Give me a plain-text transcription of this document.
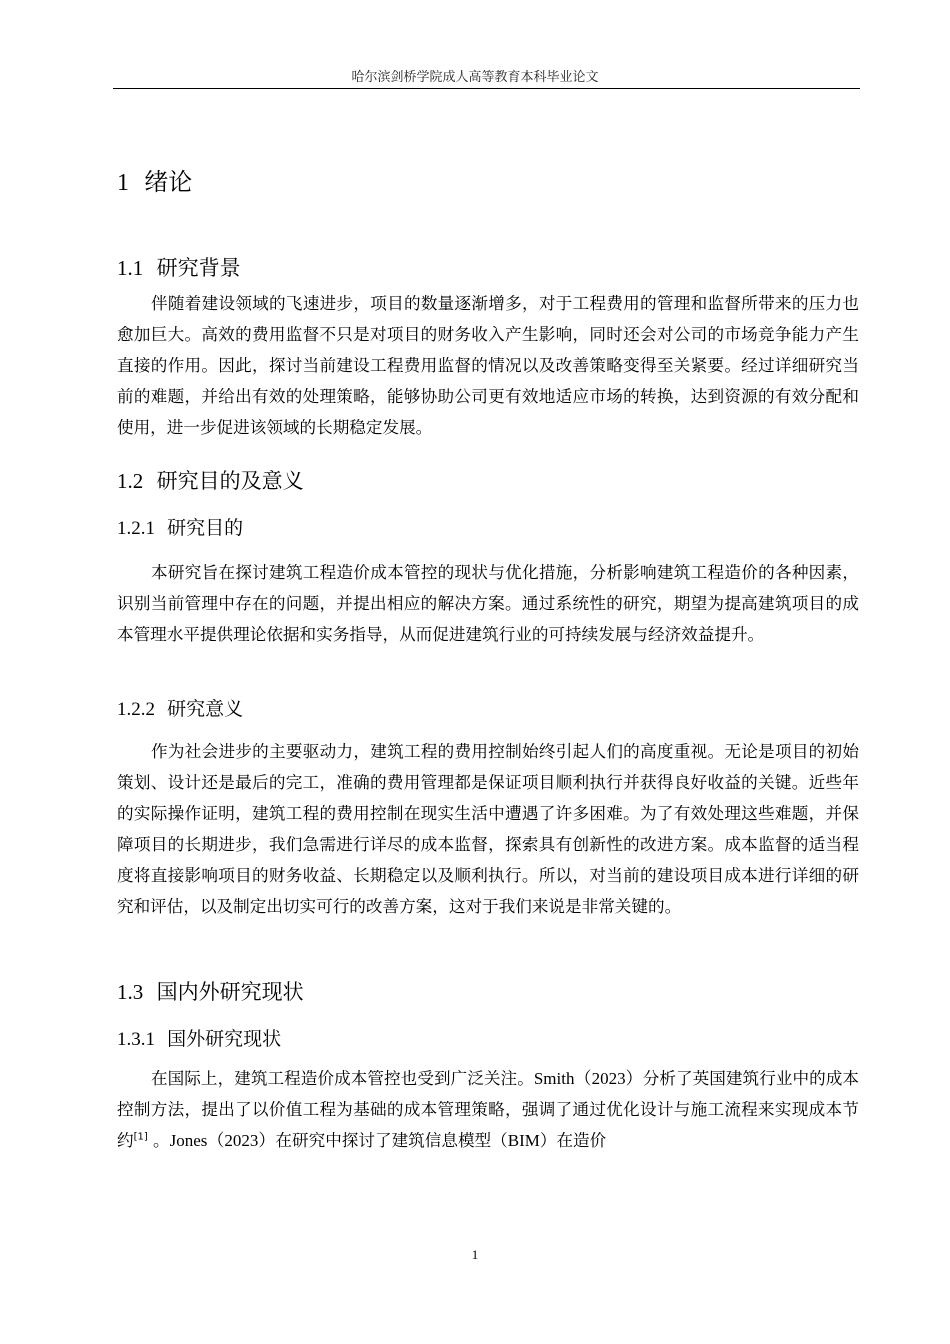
哈尔滨剑桥学院成人高等教育本科毕业论文
1 绪论
1.1 研究背景

伴随着建设领域的飞速进步，项目的数量逐渐增多，对于工程费用的管理和监督所带来的压力也愈加巨大。高效的费用监督不只是对项目的财务收入产生影响，同时还会对公司的市场竞争能力产生直接的作用。因此，探讨当前建设工程费用监督的情况以及改善策略变得至关紧要。经过详细研究当前的难题，并给出有效的处理策略，能够协助公司更有效地适应市场的转换，达到资源的有效分配和使用，进一步促进该领域的长期稳定发展。

1.2 研究目的及意义
1.2.1 研究目的

本研究旨在探讨建筑工程造价成本管控的现状与优化措施，分析影响建筑工程造价的各种因素，识别当前管理中存在的问题，并提出相应的解决方案。通过系统性的研究，期望为提高建筑项目的成本管理水平提供理论依据和实务指导，从而促进建筑行业的可持续发展与经济效益提升。

1.2.2 研究意义

作为社会进步的主要驱动力，建筑工程的费用控制始终引起人们的高度重视。无论是项目的初始策划、设计还是最后的完工，准确的费用管理都是保证项目顺利执行并获得良好收益的关键。近些年的实际操作证明，建筑工程的费用控制在现实生活中遭遇了许多困难。为了有效处理这些难题，并保障项目的长期进步，我们急需进行详尽的成本监督，探索具有创新性的改进方案。成本监督的适当程度将直接影响项目的财务收益、长期稳定以及顺利执行。所以，对当前的建设项目成本进行详细的研究和评估，以及制定出切实可行的改善方案，这对于我们来说是非常关键的。

1.3 国内外研究现状
1.3.1 国外研究现状

在国际上，建筑工程造价成本管控也受到广泛关注。Smith（2023）分析了英国建筑行业中的成本控制方法，提出了以价值工程为基础的成本管理策略，强调了通过优化设计与施工流程来实现成本节约[1] 。Jones（2023）在研究中探讨了建筑信息模型（BIM）在造价

1
